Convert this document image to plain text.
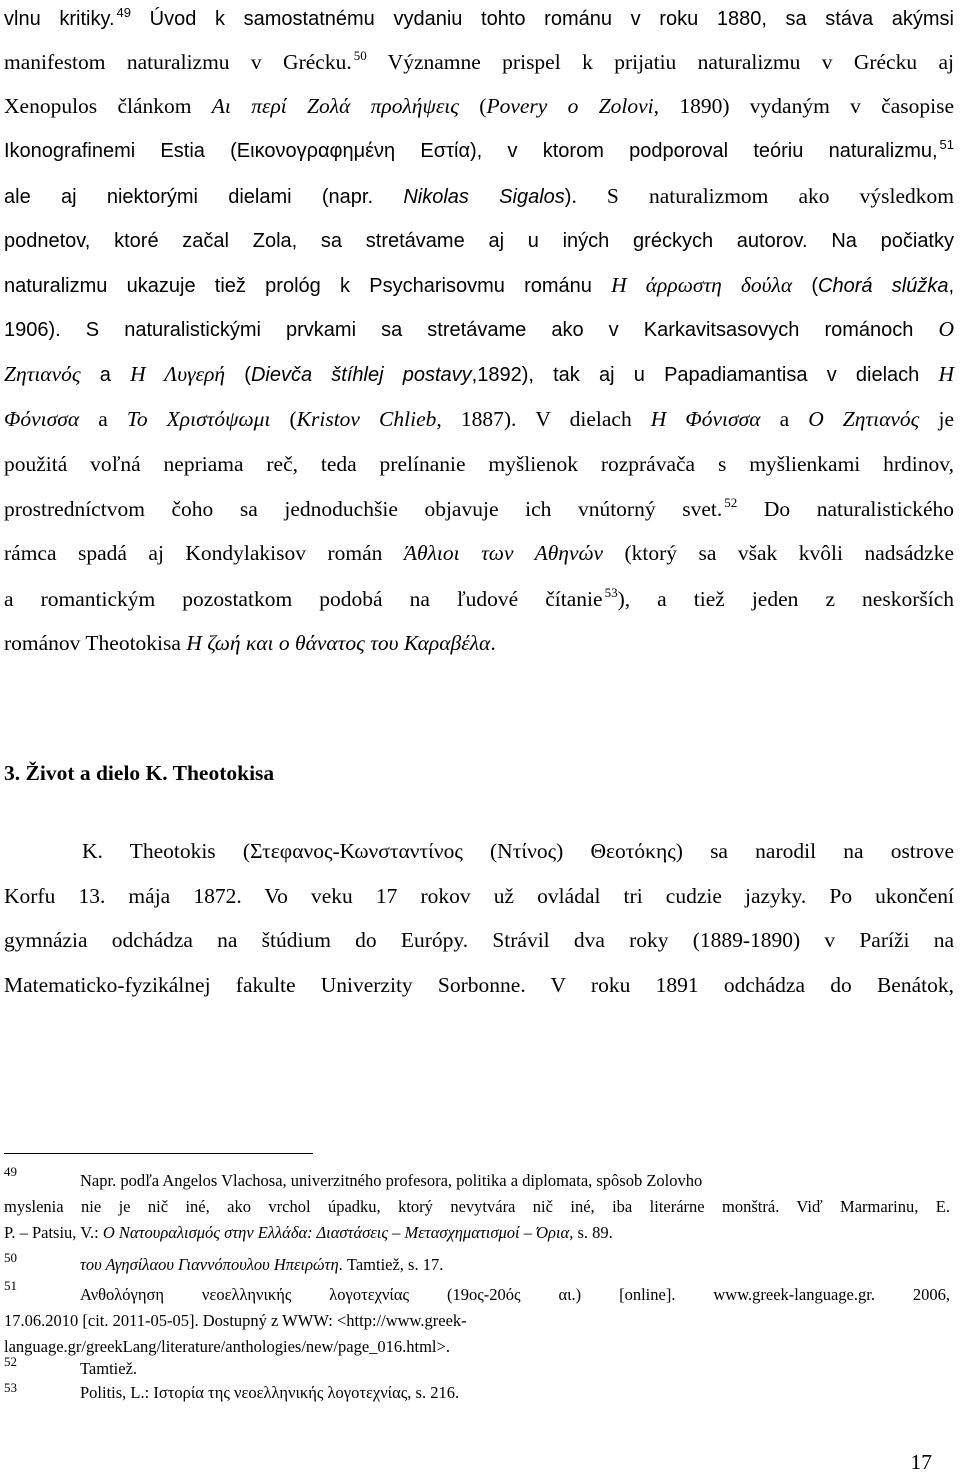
vlnu kritiky. $^{49}$ Úvod k samostatnému vydaniu tohto románu v roku 1880, sa stáva akýmsi
manifestom naturalizmu v Grécku. $^{50}$ Významne prispel k prijatiu naturalizmu v Grécku aj
Xenopulos článkom Αι περί Ζολά προλήψεις (Povery o Zolovi, 1890) vydaným v časopise
Ikonografinemi Estia (Εικονογραφημένη Εστία), v ktorom podporoval teóriu naturalizmu, $^{51}$
ale aj niektorými dielami (napr. Nikolas Sigalos). S naturalizmom ako výsledkom
podnetov, ktoré začal Zola, sa stretávame aj u iných gréckych autorov. Na počiatky
naturalizmu ukazuje tiež prológ k Psycharisovmu románu Η άρρωστη δούλα (Chorá slúžka,
1906). S naturalistickými prvkami sa stretávame ako v Karkavitsasovych románoch Ο
Ζητιανός a Η Λυγερή (Dievča štíhlej postavy,1892), tak aj u Papadiamantisa v dielach Η
Φόνισσα a Το Χριστόψωμι (Kristov Chlieb, 1887). V dielach Η Φόνισσα a Ο Ζητιανός je
použitá voľná nepriama reč, teda prelínanie myšlienok rozprávača s myšlienkami hrdinov,
prostredníctvom čoho sa jednoduchšie objavuje ich vnútorný svet. $^{52}$ Do naturalistického
rámca spadá aj Kondylakisov román Άθλιοι των Αθηνών (ktorý sa však kvôli nadsádzke
a romantickým pozostatkom podobá na ľudové čítanie $^{53}$), a tiež jeden z neskorších
románov Theotokisa Η ζωή και ο θάνατος του Καραβέλα.
3. Život a dielo K. Theotokisa
K. Theotokis (Στεφανος-Κωνσταντίνος (Ντίνος) Θεοτόκης) sa narodil na ostrove
Korfu 13. mája 1872. Vo veku 17 rokov už ovládal tri cudzie jazyky. Po ukončení
gymnázia odchádza na štúdium do Európy. Strávil dva roky (1889-1890) v Paríži na
Matematicko-fyzikálnej fakulte Univerzity Sorbonne. V roku 1891 odchádza do Benátok,
49	Napr. podľa Angelos Vlachosa, univerzitného profesora, politika a diplomata, spôsob Zolovho
myslenia nie je nič iné, ako vrchol úpadku, ktorý nevytvára nič iné, iba literárne monštrá. Viď Marmarinu, E.
P. – Patsiu, V.: Ο Νατουραλισμός στην Ελλάδα: Διαστάσεις – Μετασχηματισμοί – Όρια, s. 89.
50	του Αγησίλαου Γιαννόπουλου Ηπειρώτη. Tamtiež, s. 17.
51	Ανθολόγηση νεοελληνικής λογοτεχνίας (19ος-20ός αι.) [online]. www.greek-language.gr. 2006,
17.06.2010 [cit. 2011-05-05]. Dostupný z WWW: <http://www.greek-
language.gr/greekLang/literature/anthologies/new/page_016.html>.
52	Tamtiež.
53	Politis, L.: Ιστορία της νεοελληνικής λογοτεχνίας, s. 216.
17
